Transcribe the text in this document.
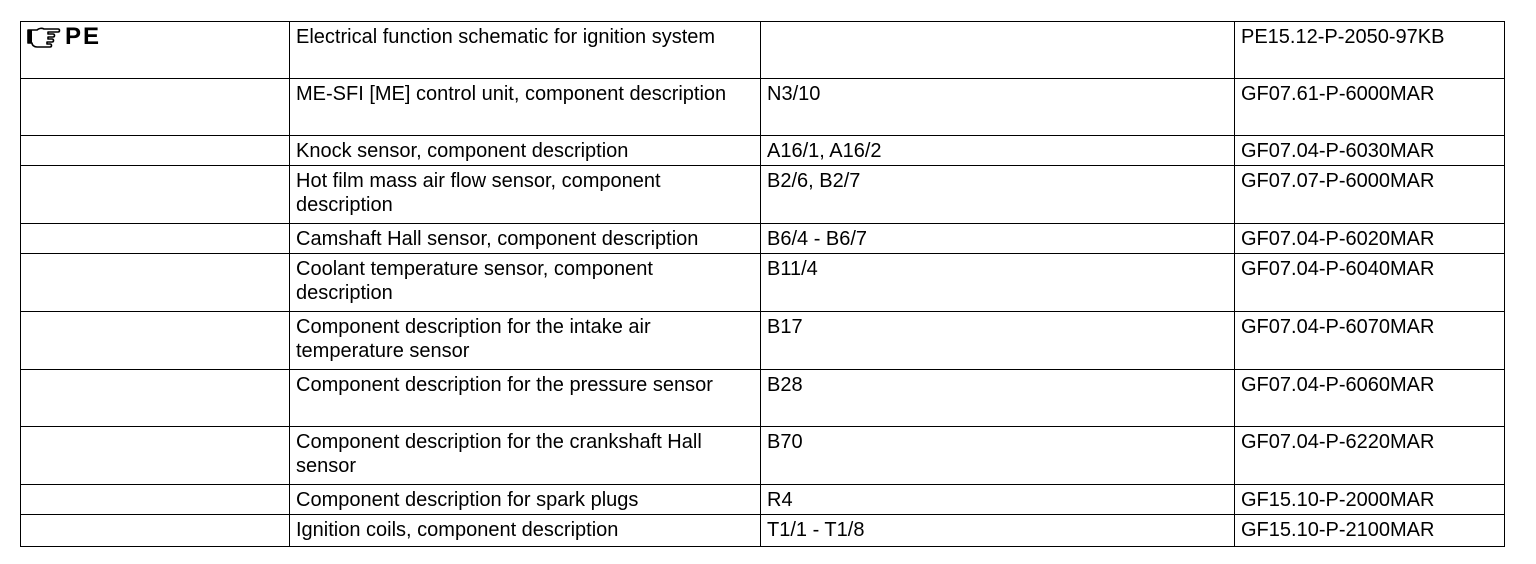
PE	Electrical function schematic for ignition system		PE15.12-P-2050-97KB
	ME-SFI [ME] control unit, component description	N3/10	GF07.61-P-6000MAR
	Knock sensor, component description	A16/1, A16/2	GF07.04-P-6030MAR
	Hot film mass air flow sensor, component description	B2/6, B2/7	GF07.07-P-6000MAR
	Camshaft Hall sensor, component description	B6/4 - B6/7	GF07.04-P-6020MAR
	Coolant temperature sensor, component description	B11/4	GF07.04-P-6040MAR
	Component description for the intake air temperature sensor	B17	GF07.04-P-6070MAR
	Component description for the pressure sensor	B28	GF07.04-P-6060MAR
	Component description for the crankshaft Hall sensor	B70	GF07.04-P-6220MAR
	Component description for spark plugs	R4	GF15.10-P-2000MAR
	Ignition coils, component description	T1/1 - T1/8	GF15.10-P-2100MAR
